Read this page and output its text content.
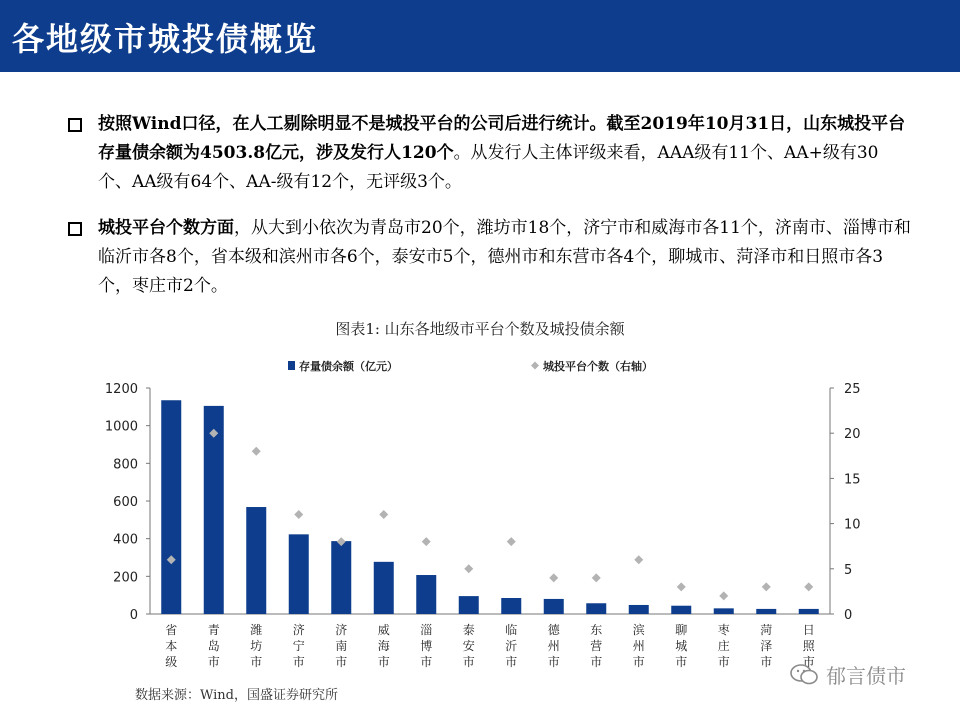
各地级市城投债概览
按照Wind口径，在人工剔除明显不是城投平台的公司后进行统计。截至2019年10月31日，山东城投平台存量债余额为4503.8亿元，涉及发行人120个。从发行人主体评级来看，AAA级有11个、AA+级有30个、AA级有64个、AA-级有12个，无评级3个。
城投平台个数方面，从大到小依次为青岛市20个，潍坊市18个，济宁市和威海市各11个，济南市、淄博市和临沂市各8个，省本级和滨州市各6个，泰安市5个，德州市和东营市各4个，聊城市、菏泽市和日照市各3个，枣庄市2个。
图表1: 山东各地级市平台个数及城投债余额
0
200
400
600
800
1000
1200
0
5
10
15
20
25
省本级
青岛市
潍坊市
济宁市
济南市
威海市
淄博市
泰安市
临沂市
德州市
东营市
滨州市
聊城市
枣庄市
菏泽市
日照市
存量债余额（亿元）	城投平台个数（右轴）
数据来源：Wind，国盛证券研究所
郁言债市
